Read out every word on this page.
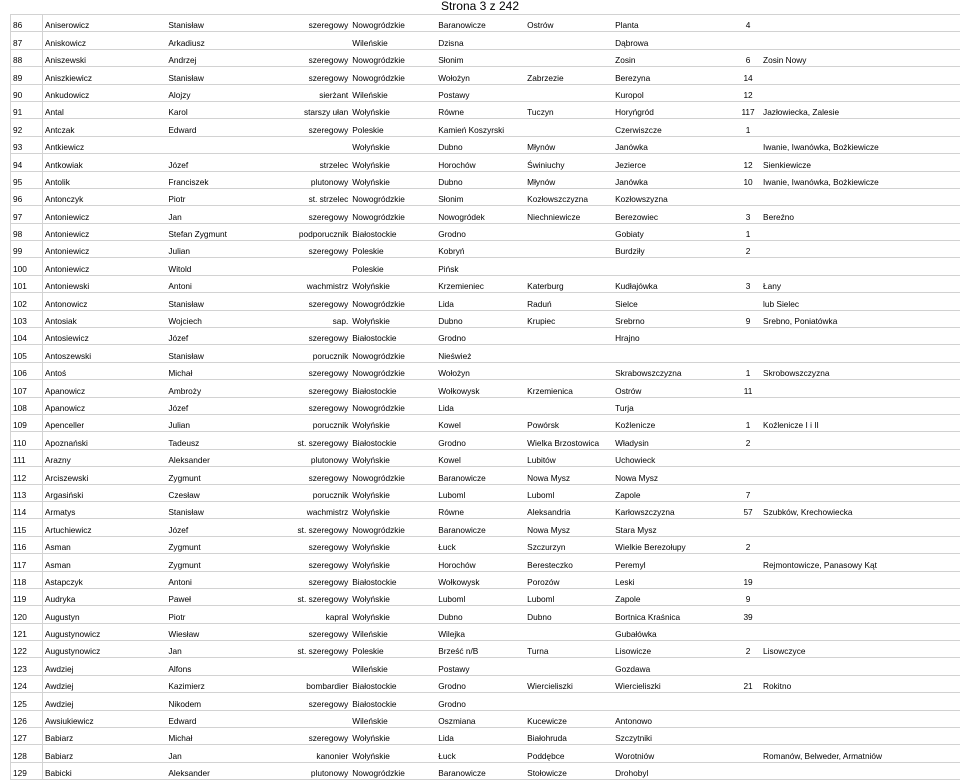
Strona 3 z 242
86	Aniserowicz	Stanisław	szeregowy	Nowogródzkie	Baranowicze	Ostrów	Planta	4	
87	Aniskowicz	Arkadiusz		Wileńskie	Dzisna		Dąbrowa		
88	Aniszewski	Andrzej	szeregowy	Nowogródzkie	Słonim		Zosin	6	Zosin Nowy
89	Aniszkiewicz	Stanisław	szeregowy	Nowogródzkie	Wołożyn	Zabrzezie	Berezyna	14	
90	Ankudowicz	Alojzy	sierżant	Wileńskie	Postawy		Kuropol	12	
91	Antal	Karol	starszy ułan	Wołyńskie	Równe	Tuczyn	Horyńgród	117	Jazłowiecka, Zalesie
92	Antczak	Edward	szeregowy	Poleskie	Kamień Koszyrski		Czerwiszcze	1	
93	Antkiewicz			Wołyńskie	Dubno	Młynów	Janówka		Iwanie, Iwanówka, Bożkiewicze
94	Antkowiak	Józef	strzelec	Wołyńskie	Horochów	Świniuchy	Jezierce	12	Sienkiewicze
95	Antolik	Franciszek	plutonowy	Wołyńskie	Dubno	Młynów	Janówka	10	Iwanie, Iwanówka, Bożkiewicze
96	Antonczyk	Piotr	st. strzelec	Nowogródzkie	Słonim	Kozłowszczyzna	Kozłowszyzna		
97	Antoniewicz	Jan	szeregowy	Nowogródzkie	Nowogródek	Niechniewicze	Berezowiec	3	Bereźno
98	Antoniewicz	Stefan Zygmunt	podporucznik	Białostockie	Grodno		Gobiaty	1	
99	Antoniewicz	Julian	szeregowy	Poleskie	Kobryń		Burdziły	2	
100	Antoniewicz	Witold		Poleskie	Pińsk				
101	Antoniewski	Antoni	wachmistrz	Wołyńskie	Krzemieniec	Katerburg	Kudłajówka	3	Łany
102	Antonowicz	Stanisław	szeregowy	Nowogródzkie	Lida	Raduń	Sielce		lub Sielec
103	Antosiak	Wojciech	sap.	Wołyńskie	Dubno	Krupiec	Srebrno	9	Srebno, Poniatówka
104	Antosiewicz	Józef	szeregowy	Białostockie	Grodno		Hrajno		
105	Antoszewski	Stanisław	porucznik	Nowogródzkie	Nieśwież				
106	Antoś	Michał	szeregowy	Nowogródzkie	Wołożyn		Skrabowszczyzna	1	Skrobowszczyzna
107	Apanowicz	Ambroży	szeregowy	Białostockie	Wołkowysk	Krzemienica	Ostrów	11	
108	Apanowicz	Józef	szeregowy	Nowogródzkie	Lida		Turja		
109	Apenceller	Julian	porucznik	Wołyńskie	Kowel	Powórsk	Koźlenicze	1	Koźlenicze I i II
110	Apoznański	Tadeusz	st. szeregowy	Białostockie	Grodno	Wielka Brzostowica	Władysin	2	
111	Arazny	Aleksander	plutonowy	Wołyńskie	Kowel	Lubitów	Uchowieck		
112	Arciszewski	Zygmunt	szeregowy	Nowogródzkie	Baranowicze	Nowa Mysz	Nowa Mysz		
113	Argasiński	Czesław	porucznik	Wołyńskie	Luboml	Luboml	Zapole	7	
114	Armatys	Stanisław	wachmistrz	Wołyńskie	Równe	Aleksandria	Karłowszczyzna	57	Szubków, Krechowiecka
115	Artuchiewicz	Józef	st. szeregowy	Nowogródzkie	Baranowicze	Nowa Mysz	Stara Mysz		
116	Asman	Zygmunt	szeregowy	Wołyńskie	Łuck	Szczurzyn	Wielkie Berezołupy	2	
117	Asman	Zygmunt	szeregowy	Wołyńskie	Horochów	Beresteczko	Peremyl		Rejmontowicze, Panasowy Kąt
118	Astapczyk	Antoni	szeregowy	Białostockie	Wołkowysk	Porozów	Leski	19	
119	Audryka	Paweł	st. szeregowy	Wołyńskie	Luboml	Luboml	Zapole	9	
120	Augustyn	Piotr	kapral	Wołyńskie	Dubno	Dubno	Bortnica Kraśnica	39	
121	Augustynowicz	Wiesław	szeregowy	Wileńskie	Wilejka		Gubałówka		
122	Augustynowicz	Jan	st. szeregowy	Poleskie	Brześć n/B	Turna	Lisowicze	2	Lisowczyce
123	Awdziej	Alfons		Wileńskie	Postawy		Gozdawa		
124	Awdziej	Kazimierz	bombardier	Białostockie	Grodno	Wiercieliszki	Wiercieliszki	21	Rokitno
125	Awdziej	Nikodem	szeregowy	Białostockie	Grodno				
126	Awsiukiewicz	Edward		Wileńskie	Oszmiana	Kucewicze	Antonowo		
127	Babiarz	Michał	szeregowy	Wołyńskie	Lida	Białohruda	Szczytniki		
128	Babiarz	Jan	kanonier	Wołyńskie	Łuck	Poddębce	Worotniów		Romanów, Belweder, Armatniów
129	Babicki	Aleksander	plutonowy	Nowogródzkie	Baranowicze	Stołowicze	Drohobyl		
